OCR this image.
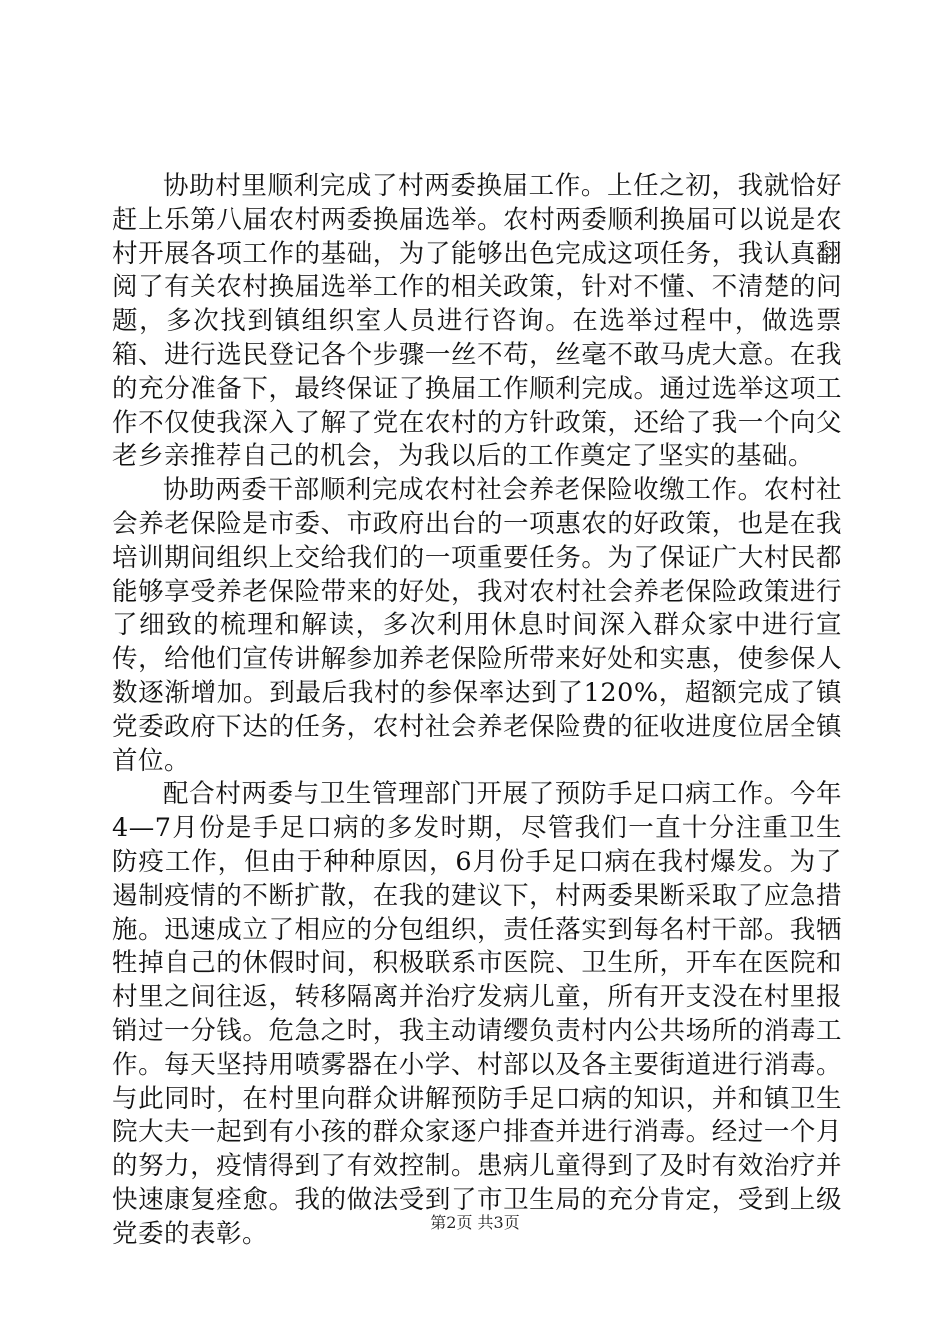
协助村里顺利完成了村两委换届工作。上任之初，我就恰好赶上乐第八届农村两委换届选举。农村两委顺利换届可以说是农村开展各项工作的基础，为了能够出色完成这项任务，我认真翻阅了有关农村换届选举工作的相关政策，针对不懂、不清楚的问题，多次找到镇组织室人员进行咨询。在选举过程中，做选票箱、进行选民登记各个步骤一丝不苟，丝毫不敢马虎大意。在我的充分准备下，最终保证了换届工作顺利完成。通过选举这项工作不仅使我深入了解了党在农村的方针政策，还给了我一个向父老乡亲推荐自己的机会，为我以后的工作奠定了坚实的基础。

协助两委干部顺利完成农村社会养老保险收缴工作。农村社会养老保险是市委、市政府出台的一项惠农的好政策，也是在我培训期间组织上交给我们的一项重要任务。为了保证广大村民都能够享受养老保险带来的好处，我对农村社会养老保险政策进行了细致的梳理和解读，多次利用休息时间深入群众家中进行宣传，给他们宣传讲解参加养老保险所带来好处和实惠，使参保人数逐渐增加。到最后我村的参保率达到了120%，超额完成了镇党委政府下达的任务，农村社会养老保险费的征收进度位居全镇首位。

配合村两委与卫生管理部门开展了预防手足口病工作。今年4—7月份是手足口病的多发时期，尽管我们一直十分注重卫生防疫工作，但由于种种原因，6月份手足口病在我村爆发。为了遏制疫情的不断扩散，在我的建议下，村两委果断采取了应急措施。迅速成立了相应的分包组织，责任落实到每名村干部。我牺牲掉自己的休假时间，积极联系市医院、卫生所，开车在医院和村里之间往返，转移隔离并治疗发病儿童，所有开支没在村里报销过一分钱。危急之时，我主动请缨负责村内公共场所的消毒工作。每天坚持用喷雾器在小学、村部以及各主要街道进行消毒。与此同时，在村里向群众讲解预防手足口病的知识，并和镇卫生院大夫一起到有小孩的群众家逐户排查并进行消毒。经过一个月的努力，疫情得到了有效控制。患病儿童得到了及时有效治疗并快速康复痊愈。我的做法受到了市卫生局的充分肯定，受到上级党委的表彰。	第2页 共3页
